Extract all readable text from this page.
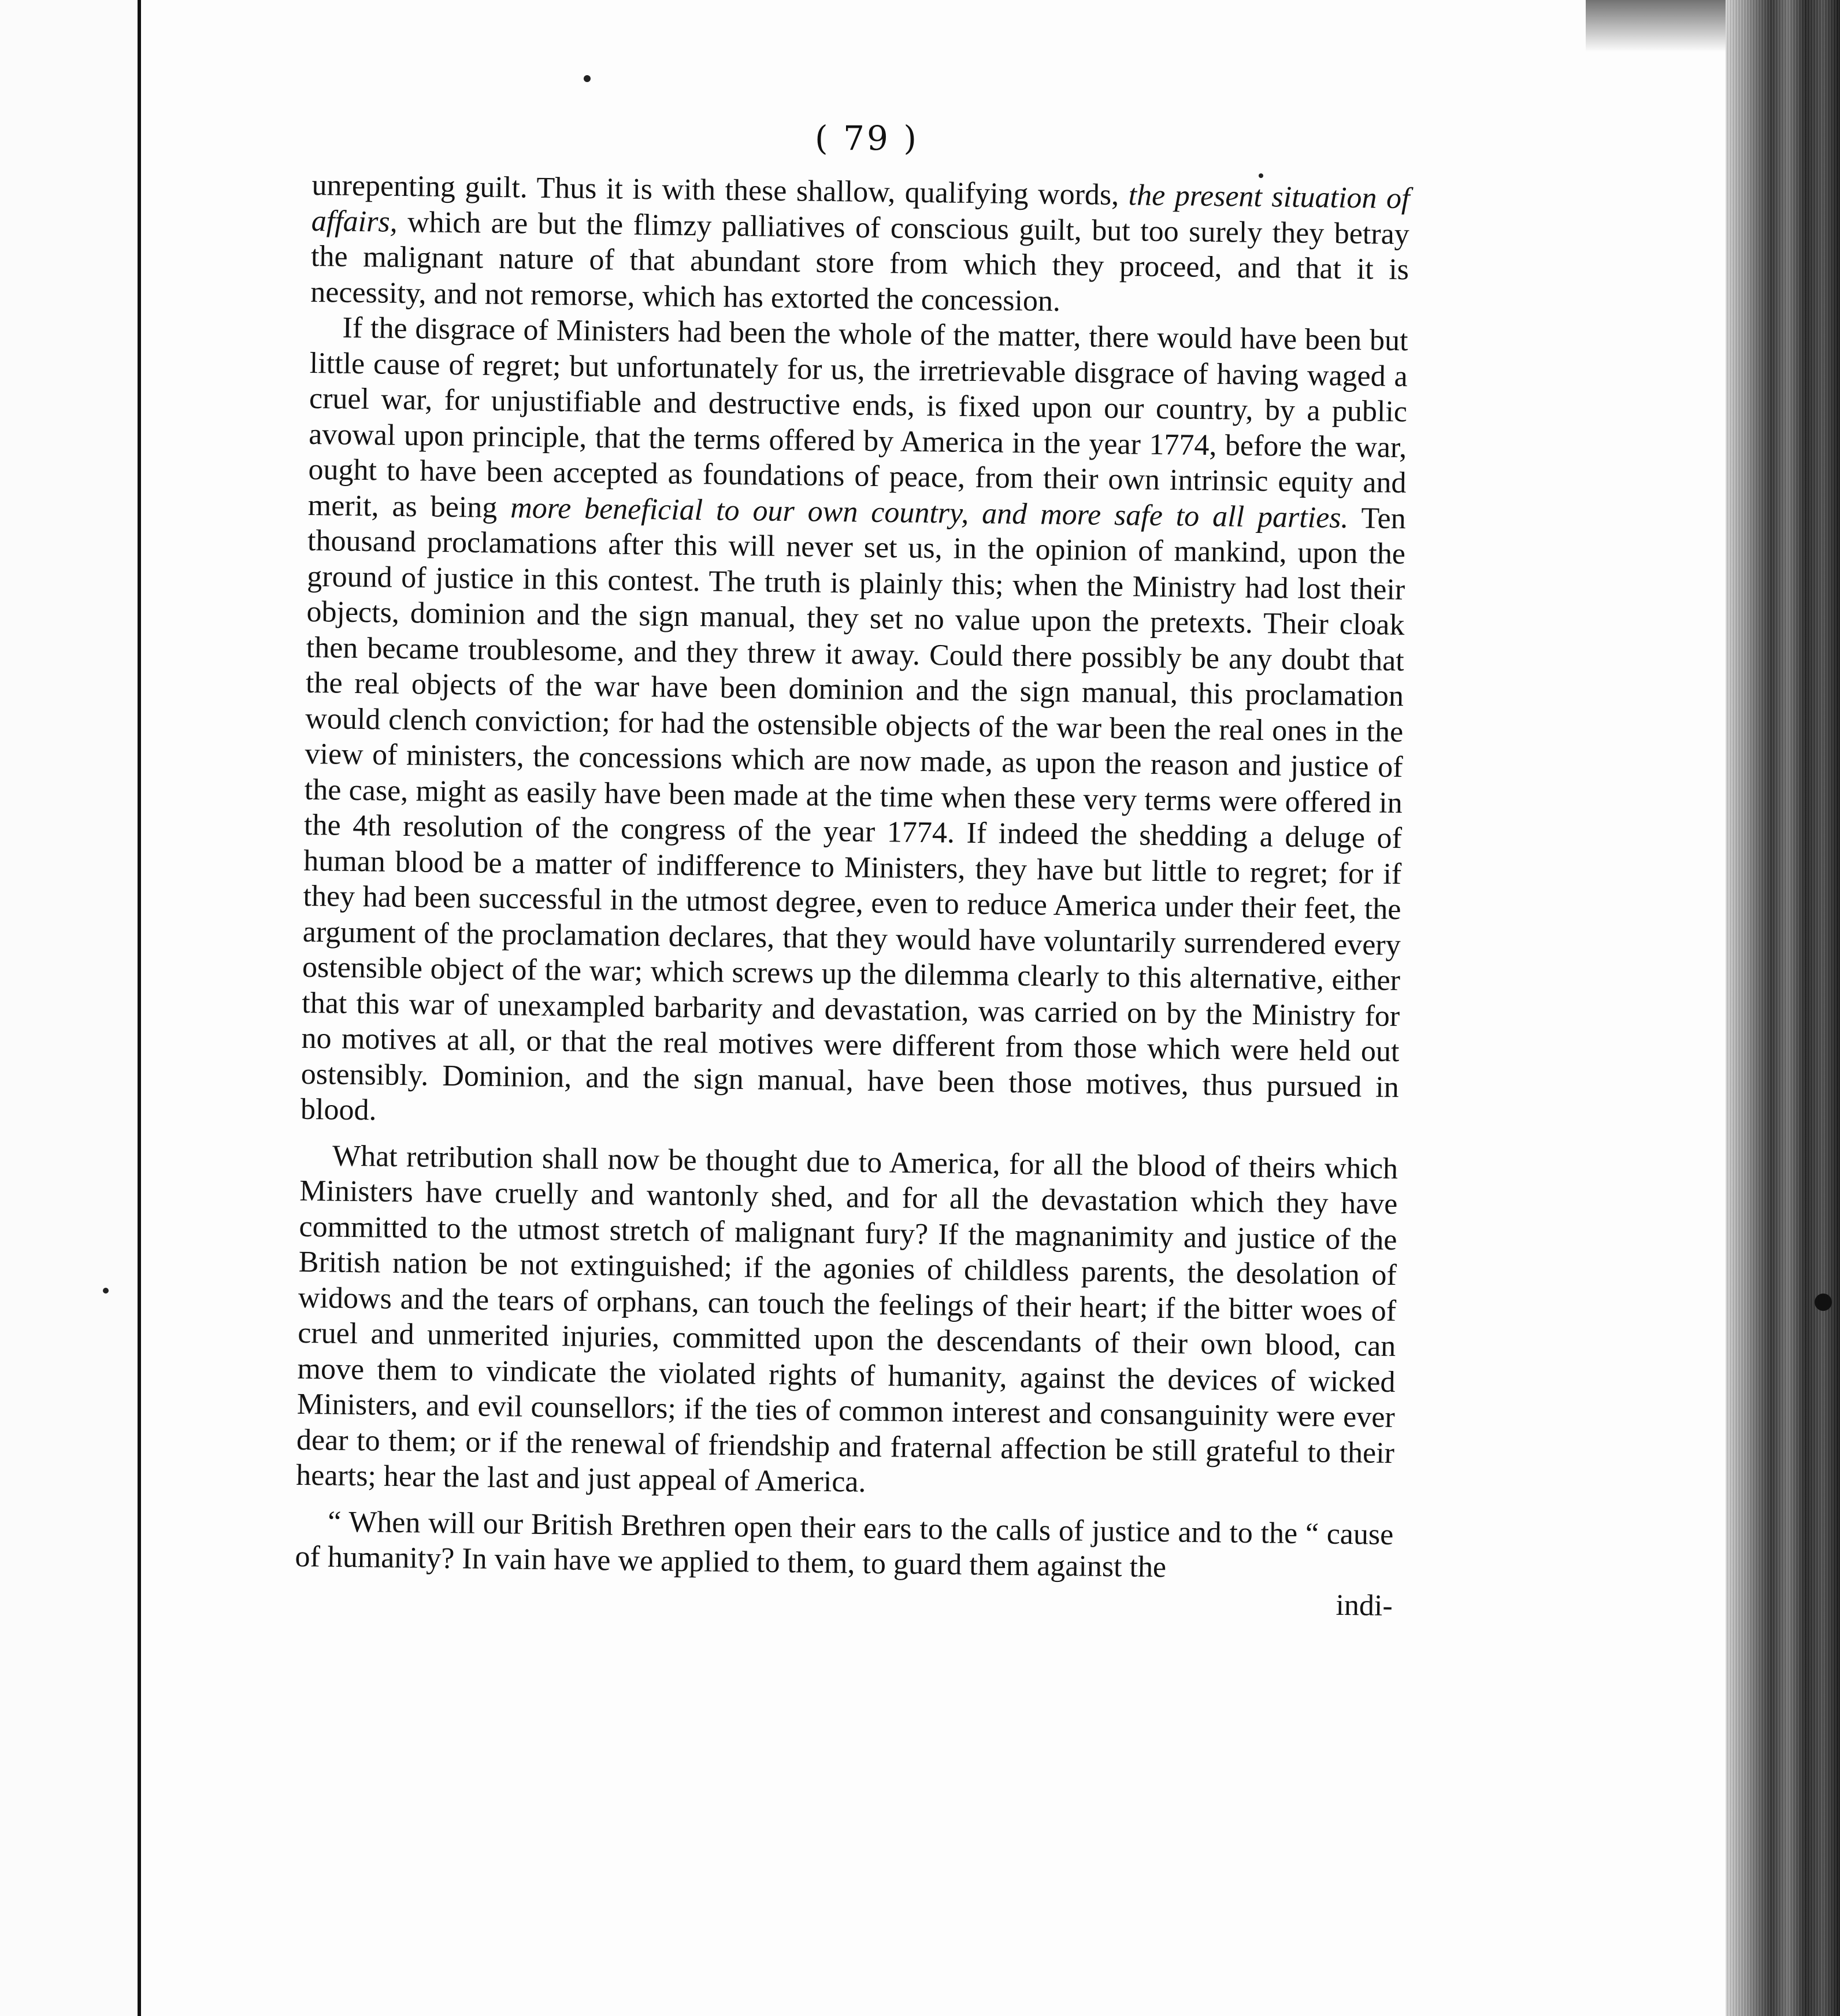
( 79 )

unrepenting guilt. Thus it is with these shallow, qualifying words, the present situation of affairs, which are but the flimzy palliatives of conscious guilt, but too surely they betray the malignant nature of that abundant store from which they proceed, and that it is necessity, and not remorse, which has extorted the concession.

If the disgrace of Ministers had been the whole of the matter, there would have been but little cause of regret; but unfortunately for us, the irretrievable disgrace of having waged a cruel war, for unjustifiable and destructive ends, is fixed upon our country, by a public avowal upon principle, that the terms offered by America in the year 1774, before the war, ought to have been accepted as foundations of peace, from their own intrinsic equity and merit, as being more beneficial to our own country, and more safe to all parties. Ten thousand proclamations after this will never set us, in the opinion of mankind, upon the ground of justice in this contest. The truth is plainly this; when the Ministry had lost their objects, dominion and the sign manual, they set no value upon the pretexts. Their cloak then became troublesome, and they threw it away. Could there possibly be any doubt that the real objects of the war have been dominion and the sign manual, this proclamation would clench conviction; for had the ostensible objects of the war been the real ones in the view of ministers, the concessions which are now made, as upon the reason and justice of the case, might as easily have been made at the time when these very terms were offered in the 4th resolution of the congress of the year 1774. If indeed the shedding a deluge of human blood be a matter of indifference to Ministers, they have but little to regret; for if they had been successful in the utmost degree, even to reduce America under their feet, the argument of the proclamation declares, that they would have voluntarily surrendered every ostensible object of the war; which screws up the dilemma clearly to this alternative, either that this war of unexampled barbarity and devastation, was carried on by the Ministry for no motives at all, or that the real motives were different from those which were held out ostensibly. Dominion, and the sign manual, have been those motives, thus pursued in blood.

What retribution shall now be thought due to America, for all the blood of theirs which Ministers have cruelly and wantonly shed, and for all the devastation which they have committed to the utmost stretch of malignant fury? If the magnanimity and justice of the British nation be not extinguished; if the agonies of childless parents, the desolation of widows and the tears of orphans, can touch the feelings of their heart; if the bitter woes of cruel and unmerited injuries, committed upon the descendants of their own blood, can move them to vindicate the violated rights of humanity, against the devices of wicked Ministers, and evil counsellors; if the ties of common interest and consanguinity were ever dear to them; or if the renewal of friendship and fraternal affection be still grateful to their hearts; hear the last and just appeal of America.

“ When will our British Brethren open their ears to the calls of justice and to the “ cause of humanity? In vain have we applied to them, to guard them against the

indi-
